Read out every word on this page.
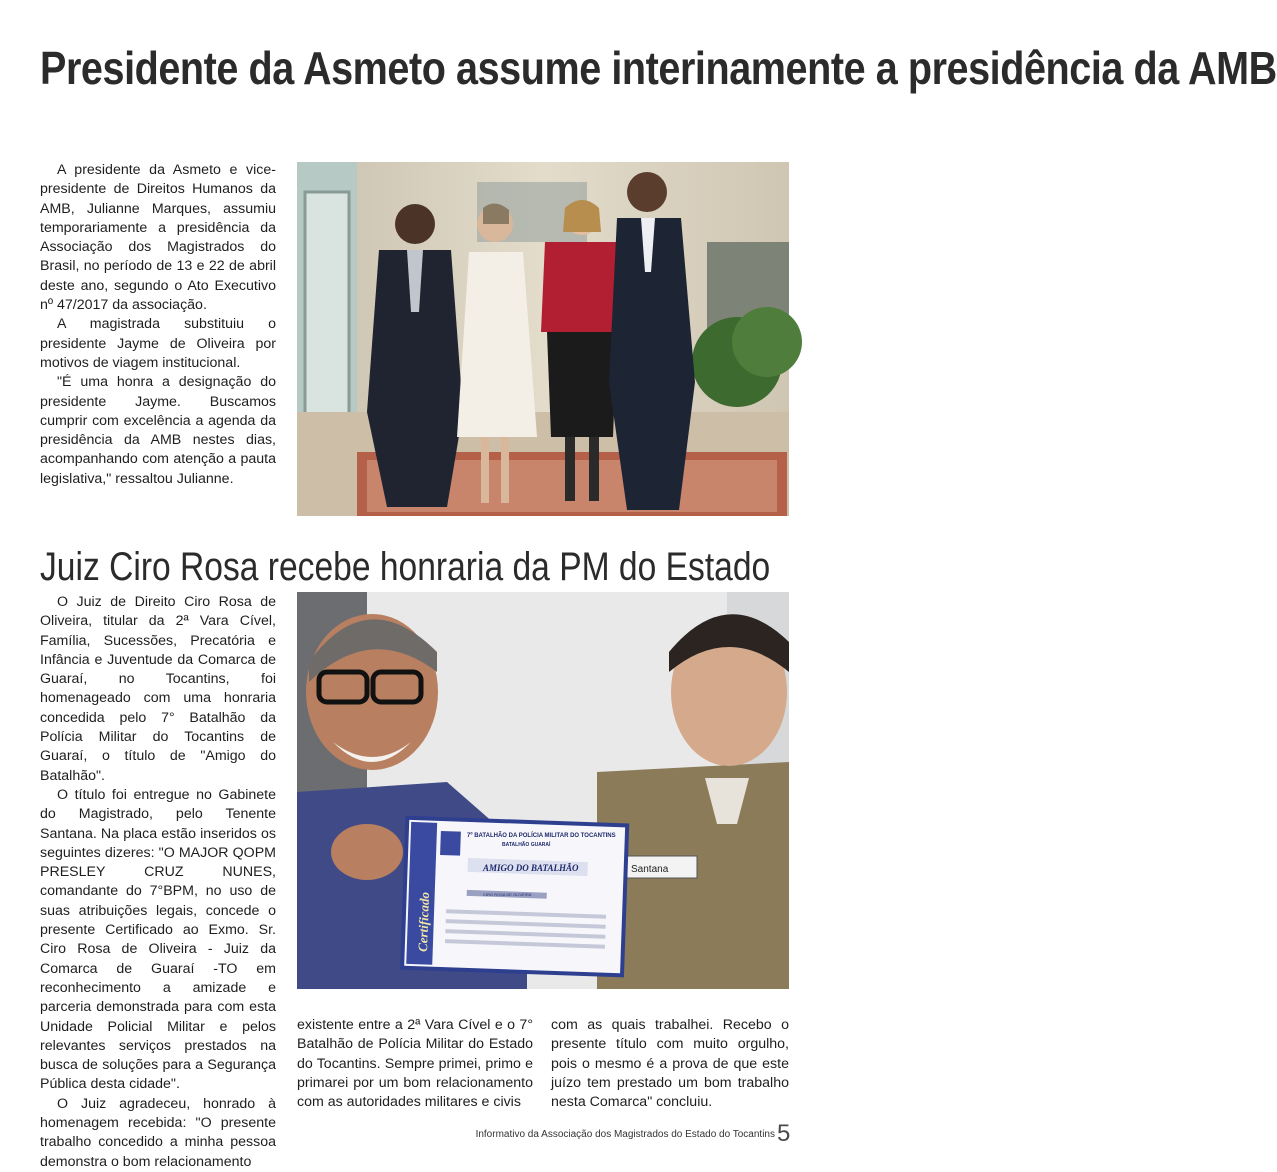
Presidente da Asmeto assume interinamente a presidência da AMB

A presidente da Asmeto e vice-presidente de Direitos Humanos da AMB, Julianne Marques, assumiu temporariamente a presidência da Associação dos Magistrados do Brasil, no período de 13 e 22 de abril deste ano, segundo o Ato Executivo nº 47/2017 da associação.

A magistrada substituiu o presidente Jayme de Oliveira por motivos de viagem institucional.

"É uma honra a designação do presidente Jayme. Buscamos cumprir com excelência a agenda da presidência da AMB nestes dias, acompanhando com atenção a pauta legislativa," ressaltou Julianne.

Juiz Ciro Rosa recebe honraria da PM do Estado

O Juiz de Direito Ciro Rosa de Oliveira, titular da 2ª Vara Cível, Família, Sucessões, Precatória e Infância e Juventude da Comarca de Guaraí, no Tocantins, foi homenageado com uma honraria concedida pelo 7° Batalhão da Polícia Militar do Tocantins de Guaraí, o título de "Amigo do Batalhão".

O título foi entregue no Gabinete do Magistrado, pelo Tenente Santana. Na placa estão inseridos os seguintes dizeres: "O MAJOR QOPM PRESLEY CRUZ NUNES, comandante do 7°BPM, no uso de suas atribuições legais, concede o presente Certificado ao Exmo. Sr. Ciro Rosa de Oliveira - Juiz da Comarca de Guaraí -TO em reconhecimento a amizade e parceria demonstrada para com esta Unidade Policial Militar e pelos relevantes serviços prestados na busca de soluções para a Segurança Pública desta cidade".

O Juiz agradeceu, honrado à homenagem recebida: "O presente trabalho concedido a minha pessoa demonstra o bom relacionamento

7º BATALHÃO DA POLÍCIA MILITAR DO TOCANTINS
BATALHÃO GUARAÍ
AMIGO DO BATALHÃO
CIRO ROSA DE OLIVEIRA
Certificado
Santana

existente entre a 2ª Vara Cível e o 7° Batalhão de Polícia Militar do Estado do Tocantins. Sempre primei, primo e primarei por um bom relacionamento com as autoridades militares e civis

com as quais trabalhei. Recebo o presente título com muito orgulho, pois o mesmo é a prova de que este juízo tem prestado um bom trabalho nesta Comarca" concluiu.

Informativo da Associação dos Magistrados do Estado do Tocantins 5
